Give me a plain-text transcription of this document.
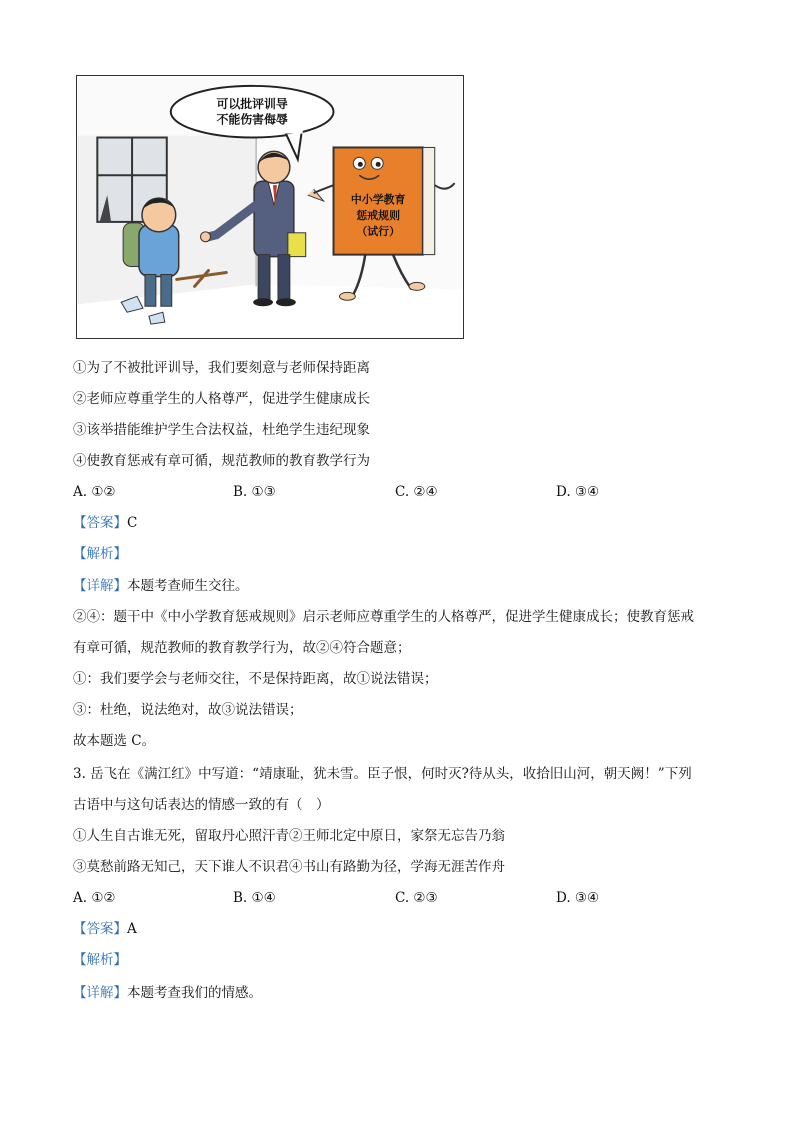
可以批评训导
不能伤害侮辱
中小学教育
惩戒规则
（试行）
①为了不被批评训导，我们要刻意与老师保持距离
②老师应尊重学生的人格尊严，促进学生健康成长
③该举措能维护学生合法权益，杜绝学生违纪现象
④使教育惩戒有章可循，规范教师的教育教学行为
A. ①②	B. ①③	C. ②④	D. ③④
【答案】C
【解析】
【详解】本题考查师生交往。
②④：题干中《中小学教育惩戒规则》启示老师应尊重学生的人格尊严，促进学生健康成长；使教育惩戒
有章可循，规范教师的教育教学行为，故②④符合题意；
①：我们要学会与老师交往，不是保持距离，故①说法错误；
③：杜绝，说法绝对，故③说法错误；
故本题选 C。
3. 岳飞在《满江红》中写道：“靖康耻，犹未雪。臣子恨，何时灭?待从头，收拾旧山河，朝天阙！”下列
古语中与这句话表达的情感一致的有（　）
①人生自古谁无死，留取丹心照汗青②王师北定中原日，家祭无忘告乃翁
③莫愁前路无知己，天下谁人不识君④书山有路勤为径，学海无涯苦作舟
A. ①②	B. ①④	C. ②③	D. ③④
【答案】A
【解析】
【详解】本题考查我们的情感。
